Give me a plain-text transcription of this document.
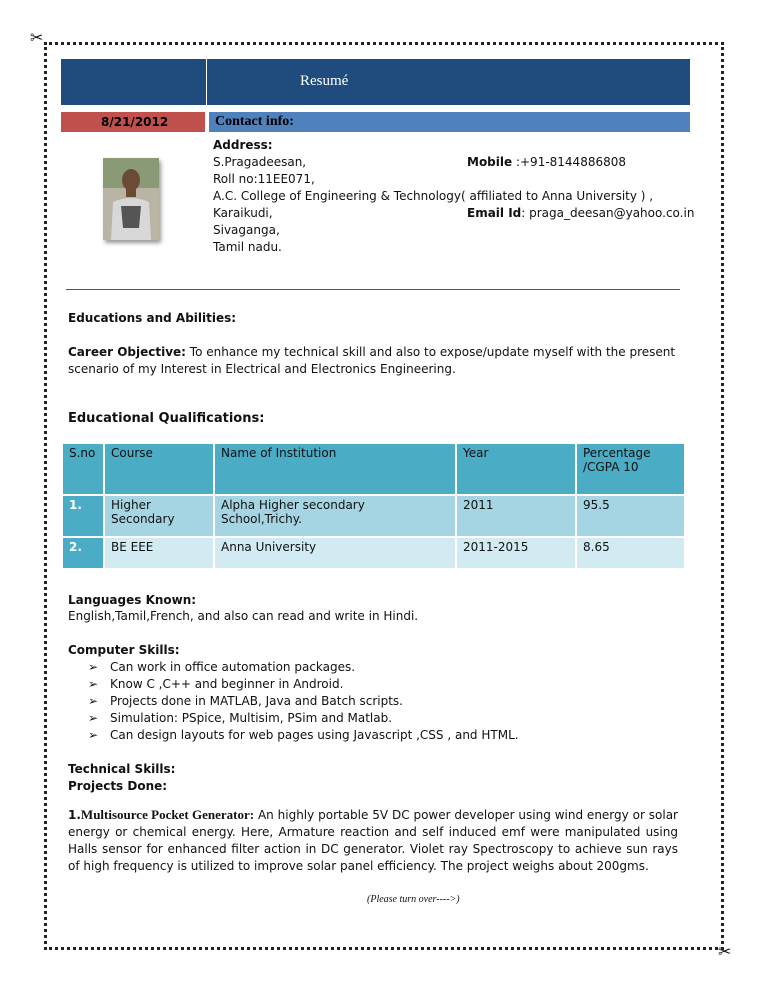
✂
✂
Resumé
8/21/2012	Contact info:
Address:
S.Pragadeesan,
Roll no:11EE071,
A.C. College of Engineering & Technology( affiliated to Anna University ) ,
Karaikudi,
Sivaganga,
Tamil nadu.
Mobile :+91-8144886808
Email Id: praga_deesan@yahoo.co.in
Educations and Abilities:
Career Objective: To enhance my technical skill and also to expose/update myself with the present scenario of my Interest in Electrical and Electronics Engineering.
Educational Qualifications:
S.no	Course	Name of Institution	Year	Percentage /CGPA 10
1.	Higher Secondary	Alpha Higher secondary School,Trichy.	2011	95.5
2.	BE EEE	Anna University	2011-2015	8.65
Languages Known:
English,Tamil,French, and also can read and write in Hindi.
Computer Skills:
➢ Can work in office automation packages.
➢ Know C ,C++ and beginner in Android.
➢ Projects done in MATLAB, Java and Batch scripts.
➢ Simulation: PSpice, Multisim, PSim and Matlab.
➢ Can design layouts for web pages using Javascript ,CSS , and HTML.
Technical Skills:
Projects Done:
1.Multisource Pocket Generator: An highly portable 5V DC power developer using wind energy or solar energy or chemical energy. Here, Armature reaction and self induced emf were manipulated using Halls sensor for enhanced filter action in DC generator. Violet ray Spectroscopy to achieve sun rays of high frequency is utilized to improve solar panel efficiency. The project weighs about 200gms.
(Please turn over---->)
